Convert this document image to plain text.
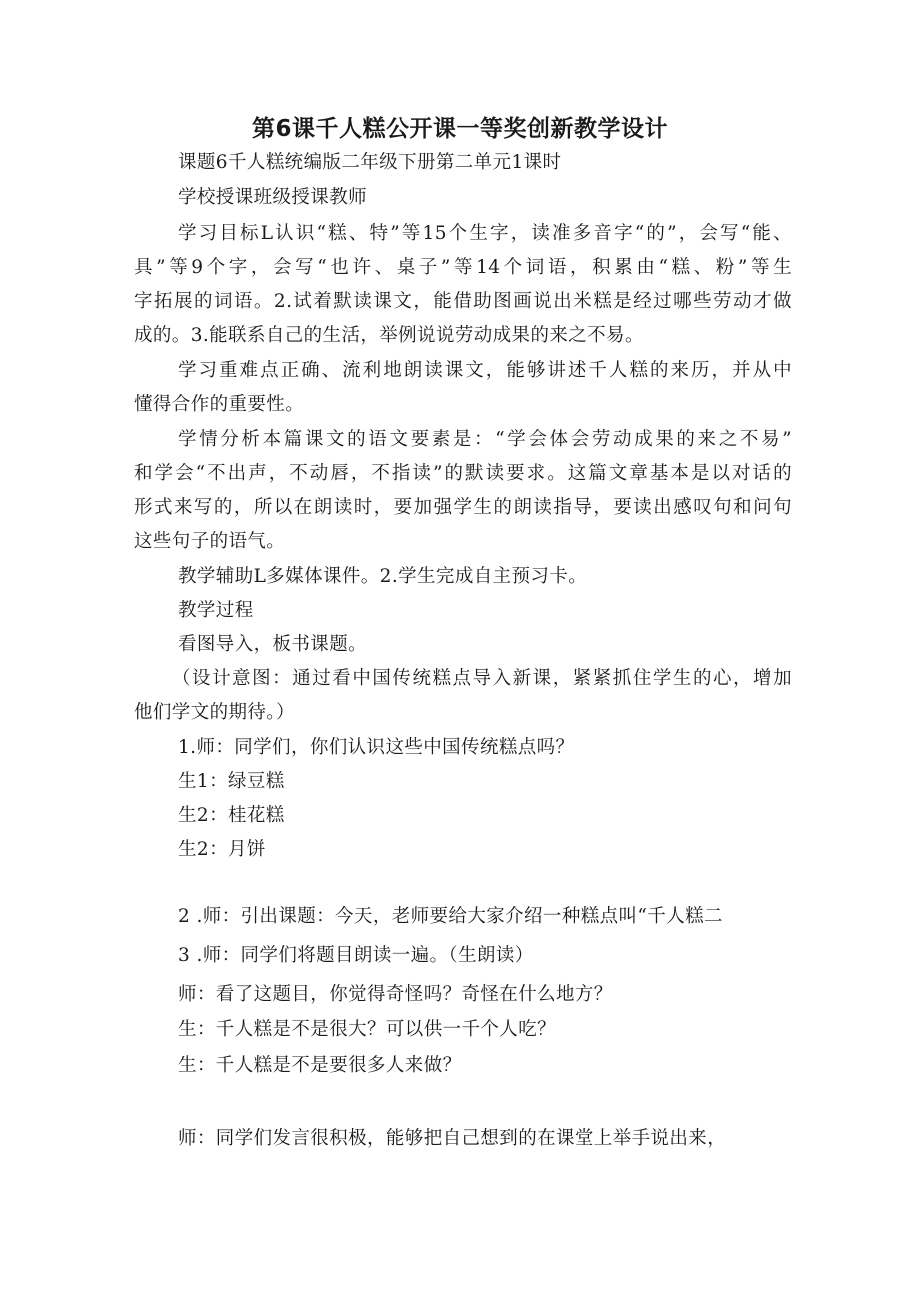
第6课千人糕公开课一等奖创新教学设计
课题6千人糕统编版二年级下册第二单元1课时
学校授课班级授课教师
学习目标L认识“糕、特”等15个生字，读准多音字“的”，会写“能、
具”等9个字，会写“也许、桌子”等14个词语，积累由“糕、粉”等生
字拓展的词语。2.试着默读课文，能借助图画说出米糕是经过哪些劳动才做
成的。3.能联系自己的生活，举例说说劳动成果的来之不易。
学习重难点正确、流利地朗读课文，能够讲述千人糕的来历，并从中
懂得合作的重要性。
学情分析本篇课文的语文要素是：“学会体会劳动成果的来之不易”
和学会“不出声，不动唇，不指读”的默读要求。这篇文章基本是以对话的
形式来写的，所以在朗读时，要加强学生的朗读指导，要读出感叹句和问句
这些句子的语气。
教学辅助L多媒体课件。2.学生完成自主预习卡。
教学过程
看图导入，板书课题。
（设计意图：通过看中国传统糕点导入新课，紧紧抓住学生的心，增加
他们学文的期待。）
1.师：同学们，你们认识这些中国传统糕点吗？
生1：绿豆糕
生2：桂花糕
生2：月饼
2 .师：引出课题：今天，老师要给大家介绍一种糕点叫“千人糕二
3 .师：同学们将题目朗读一遍。（生朗读）
师：看了这题目，你觉得奇怪吗？奇怪在什么地方？
生：千人糕是不是很大？可以供一千个人吃？
生：千人糕是不是要很多人来做？
师：同学们发言很积极，能够把自己想到的在课堂上举手说出来，
